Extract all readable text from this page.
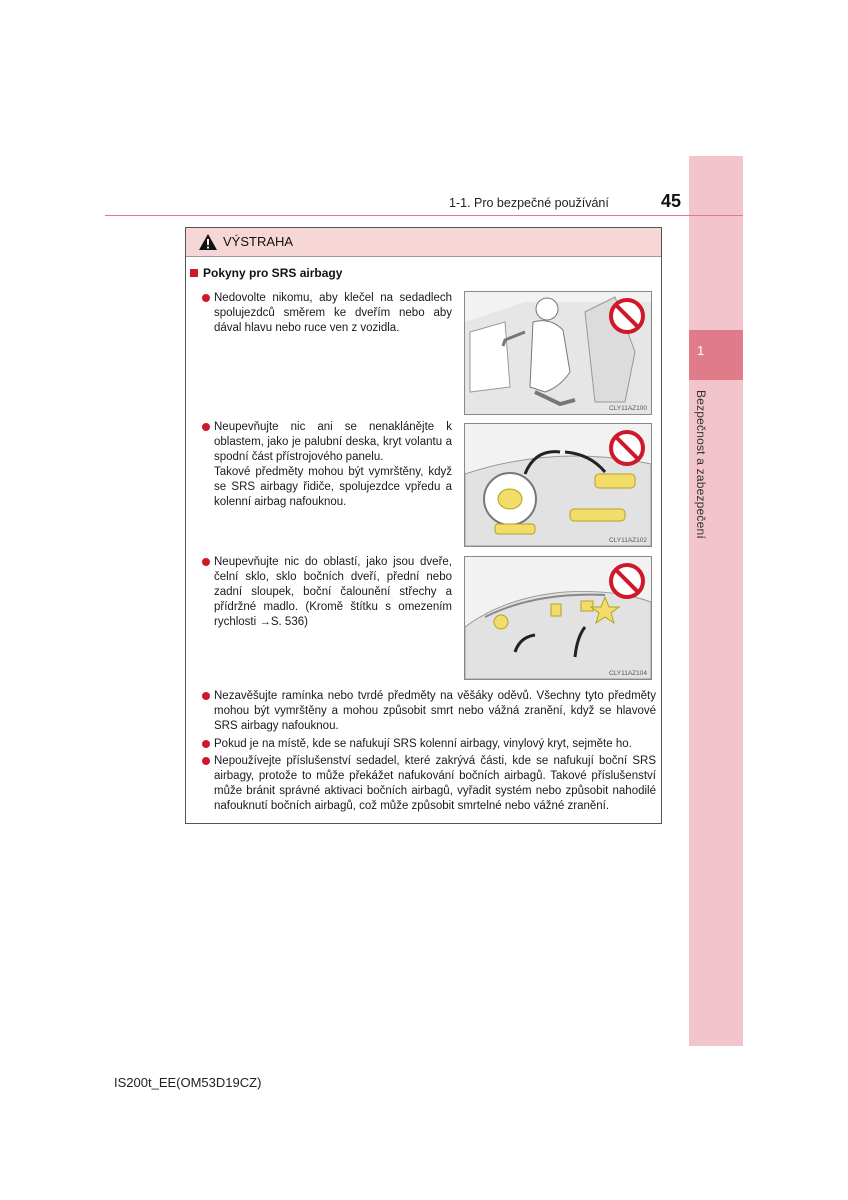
1
Bezpečnost a zabezpečení
1-1. Pro bezpečné používání	45
VÝSTRAHA
Pokyny pro SRS airbagy
Nedovolte nikomu, aby klečel na sedadlech spolujezdců směrem ke dveřím nebo aby dával hlavu nebo ruce ven z vozidla.
CLY11AZ100
Neupevňujte nic ani se nenaklánějte k oblastem, jako je palubní deska, kryt volantu a spodní část přístrojového panelu.
Takové předměty mohou být vymrštěny, když se SRS airbagy řidiče, spolujezdce vpředu a kolenní airbag nafouknou.
CLY11AZ102
Neupevňujte nic do oblastí, jako jsou dveře, čelní sklo, sklo bočních dveří, přední nebo zadní sloupek, boční čalounění střechy a přídržné madlo. (Kromě štítku s omezením rychlosti →S. 536)
CLY11AZ104
Nezavěšujte ramínka nebo tvrdé předměty na věšáky oděvů. Všechny tyto předměty mohou být vymrštěny a mohou způsobit smrt nebo vážná zranění, když se hlavové SRS airbagy nafouknou.
Pokud je na místě, kde se nafukují SRS kolenní airbagy, vinylový kryt, sejměte ho.
Nepoužívejte příslušenství sedadel, které zakrývá části, kde se nafukují boční SRS airbagy, protože to může překážet nafukování bočních airbagů. Takové příslušenství může bránit správné aktivaci bočních airbagů, vyřadit systém nebo způsobit nahodilé nafouknutí bočních airbagů, což může způsobit smrtelné nebo vážné zranění.
IS200t_EE(OM53D19CZ)
